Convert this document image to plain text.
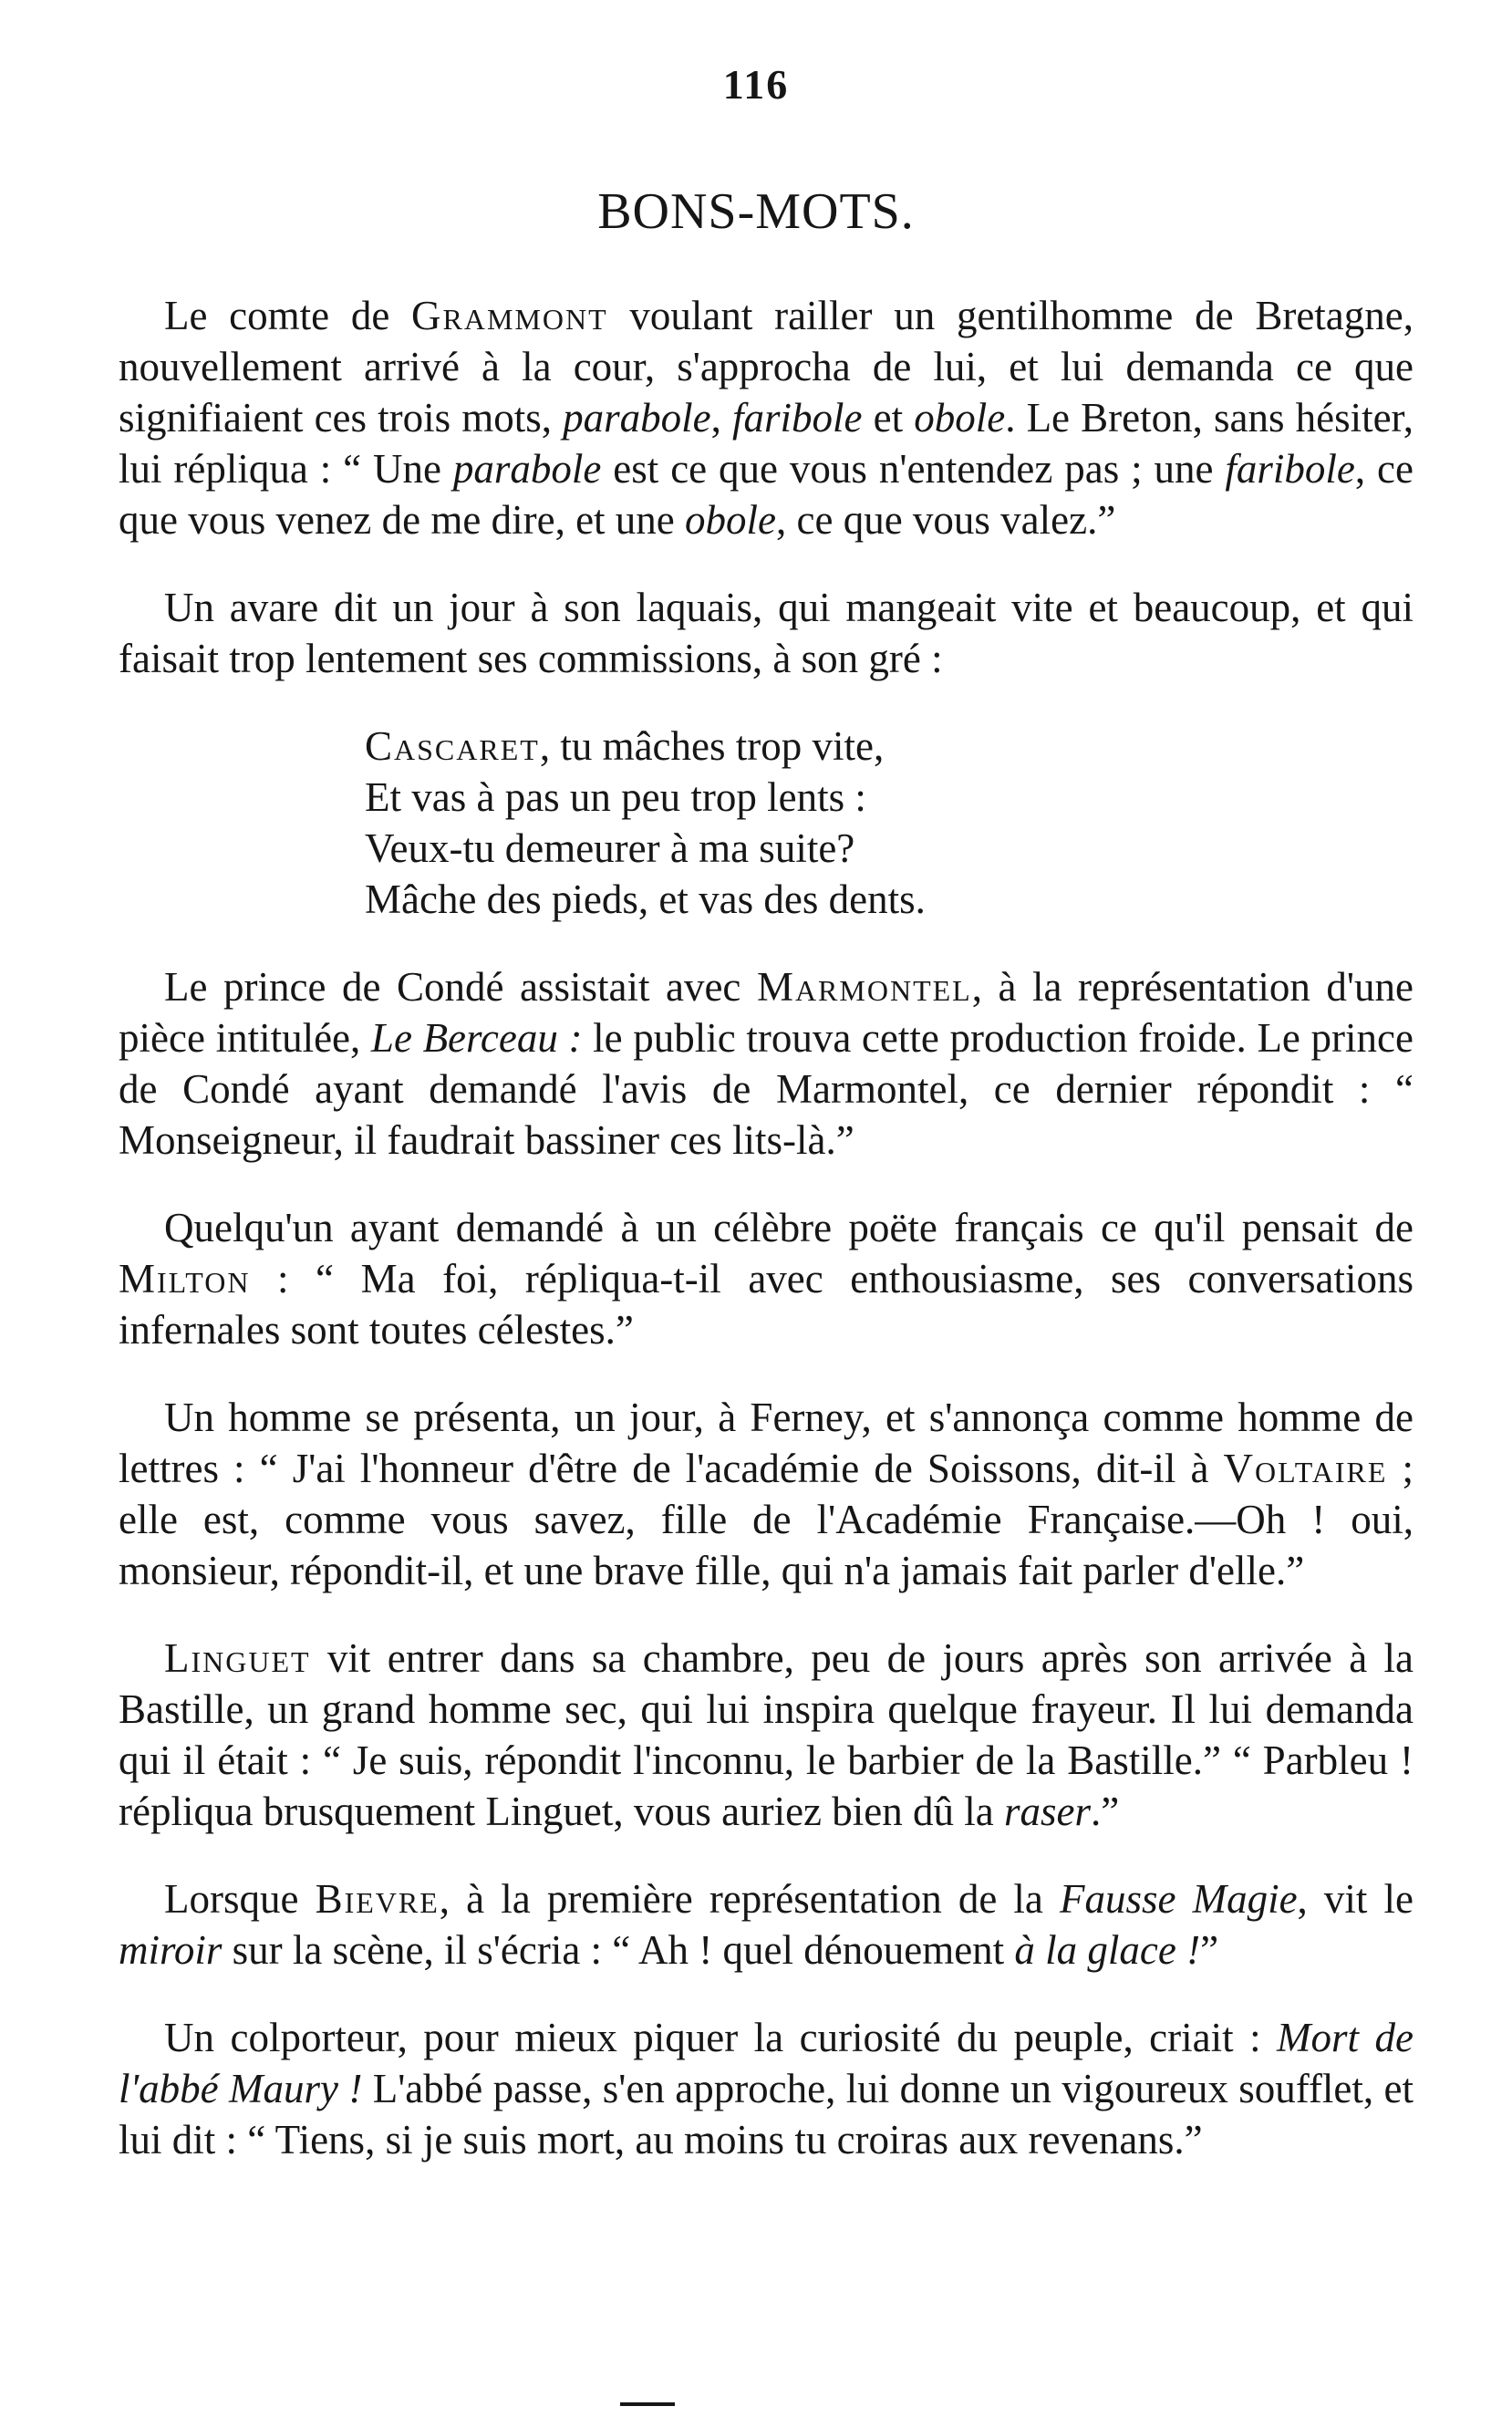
116
BONS-MOTS.

Le comte de Grammont voulant railler un gentilhomme de Bretagne, nouvellement arrivé à la cour, s'approcha de lui, et lui demanda ce que signifiaient ces trois mots, parabole, faribole et obole. Le Breton, sans hésiter, lui répliqua : “ Une parabole est ce que vous n'entendez pas ; une faribole, ce que vous venez de me dire, et une obole, ce que vous valez.”

Un avare dit un jour à son laquais, qui mangeait vite et beaucoup, et qui faisait trop lentement ses commissions, à son gré :

Cascaret, tu mâches trop vite,
Et vas à pas un peu trop lents :
Veux-tu demeurer à ma suite?
Mâche des pieds, et vas des dents.

Le prince de Condé assistait avec Marmontel, à la représentation d'une pièce intitulée, Le Berceau : le public trouva cette production froide. Le prince de Condé ayant demandé l'avis de Marmontel, ce dernier répondit : “ Monseigneur, il faudrait bassiner ces lits-là.”

Quelqu'un ayant demandé à un célèbre poëte français ce qu'il pensait de Milton : “ Ma foi, répliqua-t-il avec enthousiasme, ses conversations infernales sont toutes célestes.”

Un homme se présenta, un jour, à Ferney, et s'annonça comme homme de lettres : “ J'ai l'honneur d'être de l'académie de Soissons, dit-il à Voltaire ; elle est, comme vous savez, fille de l'Académie Française.—Oh ! oui, monsieur, répondit-il, et une brave fille, qui n'a jamais fait parler d'elle.”

Linguet vit entrer dans sa chambre, peu de jours après son arrivée à la Bastille, un grand homme sec, qui lui inspira quelque frayeur. Il lui demanda qui il était : “ Je suis, répondit l'inconnu, le barbier de la Bastille.” “ Parbleu ! répliqua brusquement Linguet, vous auriez bien dû la raser.”

Lorsque Bievre, à la première représentation de la Fausse Magie, vit le miroir sur la scène, il s'écria : “ Ah ! quel dénouement à la glace !”

Un colporteur, pour mieux piquer la curiosité du peuple, criait : Mort de l'abbé Maury ! L'abbé passe, s'en approche, lui donne un vigoureux soufflet, et lui dit : “ Tiens, si je suis mort, au moins tu croiras aux revenans.”
